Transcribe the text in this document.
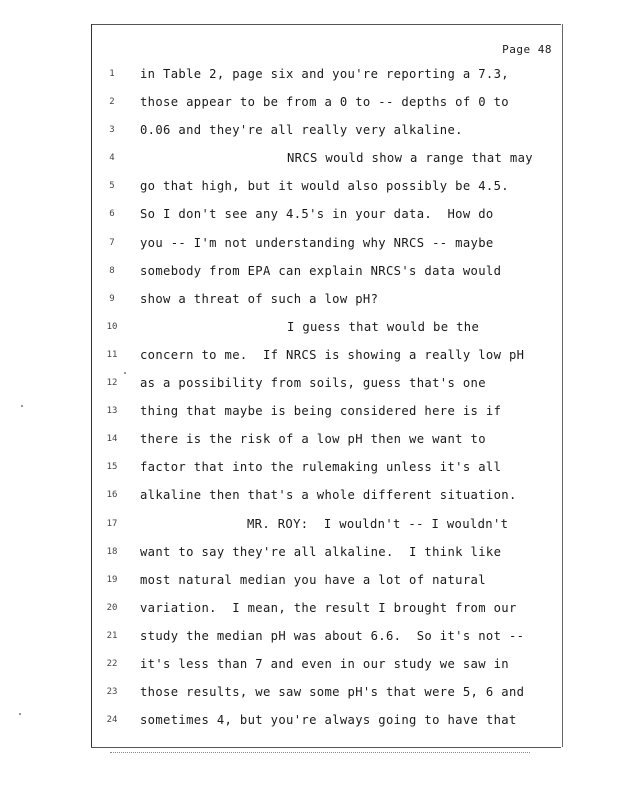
Page 48
1	in Table 2, page six and you're reporting a 7.3,
2	those appear to be from a 0 to -- depths of 0 to
3	0.06 and they're all really very alkaline.
4	NRCS would show a range that may
5	go that high, but it would also possibly be 4.5.
6	So I don't see any 4.5's in your data.  How do
7	you -- I'm not understanding why NRCS -- maybe
8	somebody from EPA can explain NRCS's data would
9	show a threat of such a low pH?
10	I guess that would be the
11	concern to me.  If NRCS is showing a really low pH
12	as a possibility from soils, guess that's one
13	thing that maybe is being considered here is if
14	there is the risk of a low pH then we want to
15	factor that into the rulemaking unless it's all
16	alkaline then that's a whole different situation.
17	MR. ROY:  I wouldn't -- I wouldn't
18	want to say they're all alkaline.  I think like
19	most natural median you have a lot of natural
20	variation.  I mean, the result I brought from our
21	study the median pH was about 6.6.  So it's not --
22	it's less than 7 and even in our study we saw in
23	those results, we saw some pH's that were 5, 6 and
24	sometimes 4, but you're always going to have that
